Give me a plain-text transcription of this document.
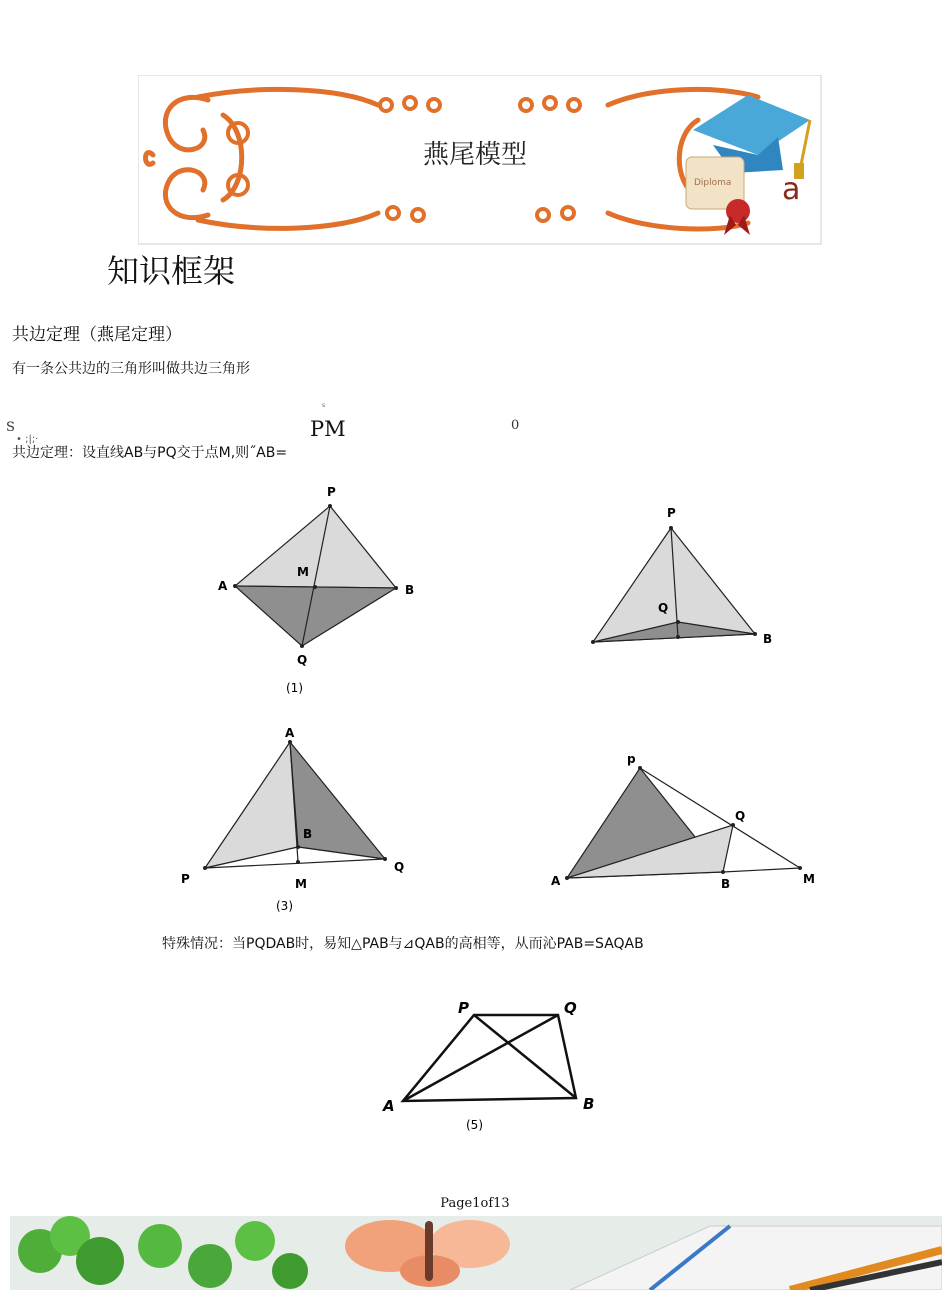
Diploma
燕尾模型
a
知识框架
共边定理（燕尾定理）
有一条公共边的三角形叫做共边三角形
S
s
PM	0
• ;|;·
共边定理：设直线AB与PQ交于点M,则˝AB=
P
A
M
B
Q
(1)
P
Q
B
A
B
P	M
Q
(3)
p
Q
A	B	M
特殊情况：当PQDAB时，易知△PAB与⊿QAB的高相等，从而沁PAB=SAQAB
P	Q
A	B
(5)
Page1of13
